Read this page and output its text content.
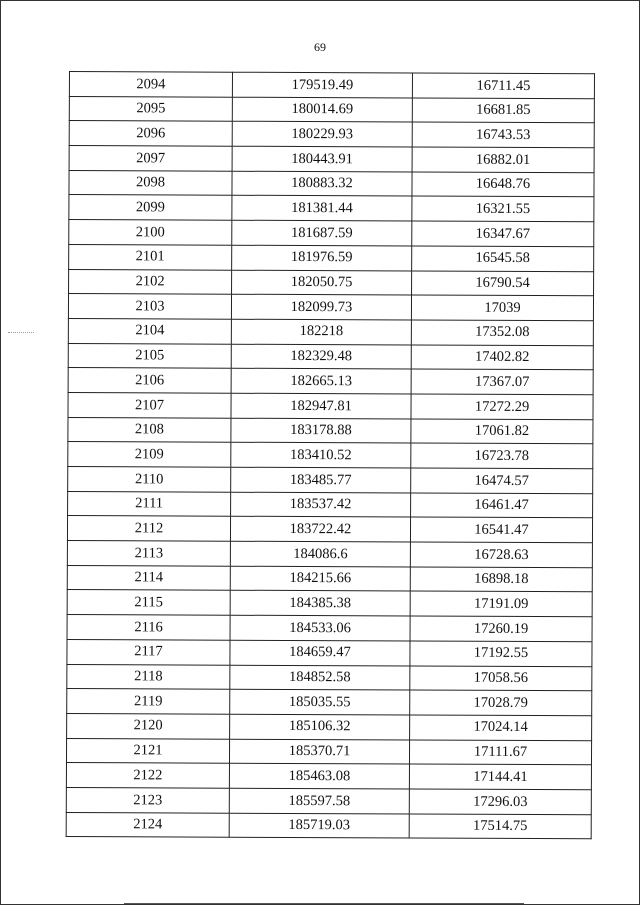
69
2094	179519.49	16711.45
2095	180014.69	16681.85
2096	180229.93	16743.53
2097	180443.91	16882.01
2098	180883.32	16648.76
2099	181381.44	16321.55
2100	181687.59	16347.67
2101	181976.59	16545.58
2102	182050.75	16790.54
2103	182099.73	17039
2104	182218	17352.08
2105	182329.48	17402.82
2106	182665.13	17367.07
2107	182947.81	17272.29
2108	183178.88	17061.82
2109	183410.52	16723.78
2110	183485.77	16474.57
2111	183537.42	16461.47
2112	183722.42	16541.47
2113	184086.6	16728.63
2114	184215.66	16898.18
2115	184385.38	17191.09
2116	184533.06	17260.19
2117	184659.47	17192.55
2118	184852.58	17058.56
2119	185035.55	17028.79
2120	185106.32	17024.14
2121	185370.71	17111.67
2122	185463.08	17144.41
2123	185597.58	17296.03
2124	185719.03	17514.75
